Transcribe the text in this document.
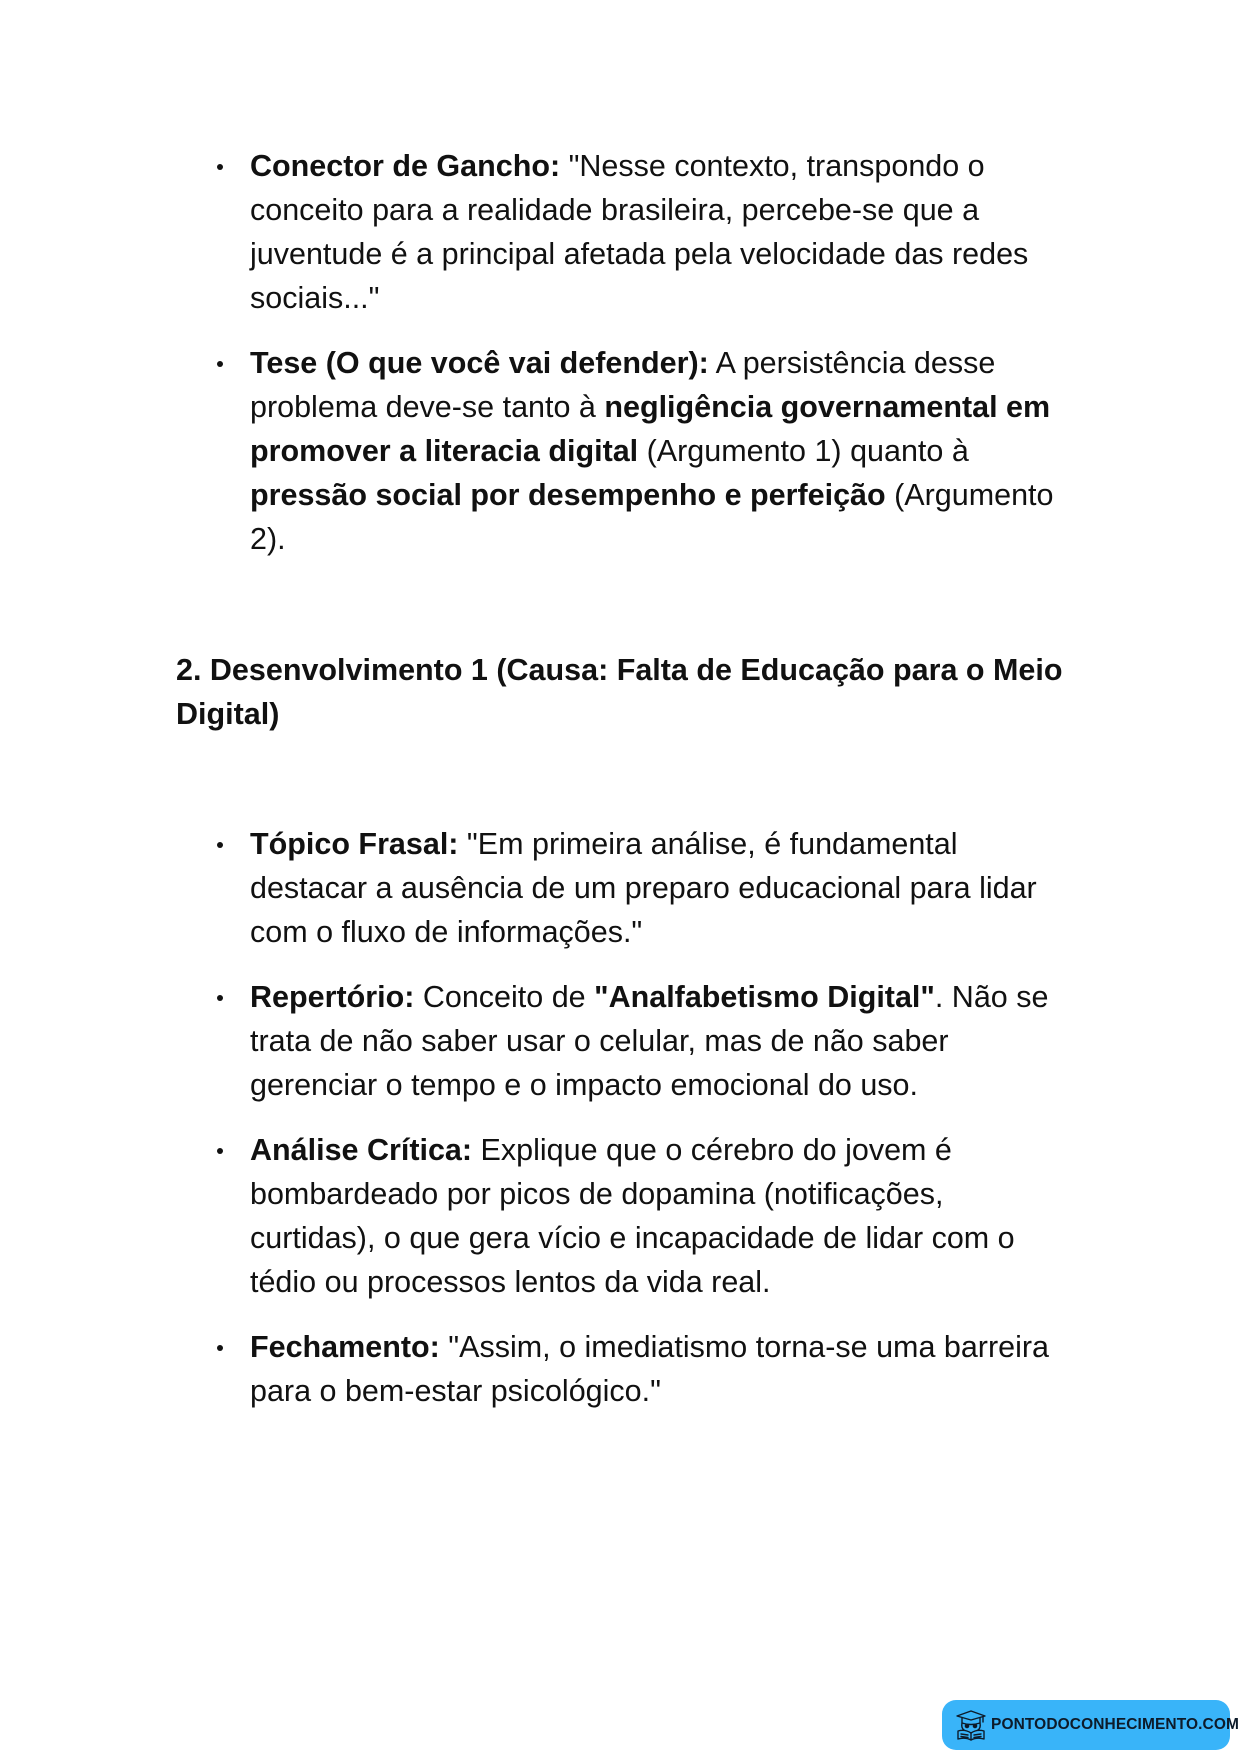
Conector de Gancho: "Nesse contexto, transpondo o conceito para a realidade brasileira, percebe-se que a juventude é a principal afetada pela velocidade das redes sociais..."
Tese (O que você vai defender): A persistência desse problema deve-se tanto à negligência governamental em promover a literacia digital (Argumento 1) quanto à pressão social por desempenho e perfeição (Argumento 2).
2. Desenvolvimento 1 (Causa: Falta de Educação para o Meio Digital)
Tópico Frasal: "Em primeira análise, é fundamental destacar a ausência de um preparo educacional para lidar com o fluxo de informações."
Repertório: Conceito de "Analfabetismo Digital". Não se trata de não saber usar o celular, mas de não saber gerenciar o tempo e o impacto emocional do uso.
Análise Crítica: Explique que o cérebro do jovem é bombardeado por picos de dopamina (notificações, curtidas), o que gera vício e incapacidade de lidar com o tédio ou processos lentos da vida real.
Fechamento: "Assim, o imediatismo torna-se uma barreira para o bem-estar psicológico."
PONTODOCONHECIMENTO.COM
